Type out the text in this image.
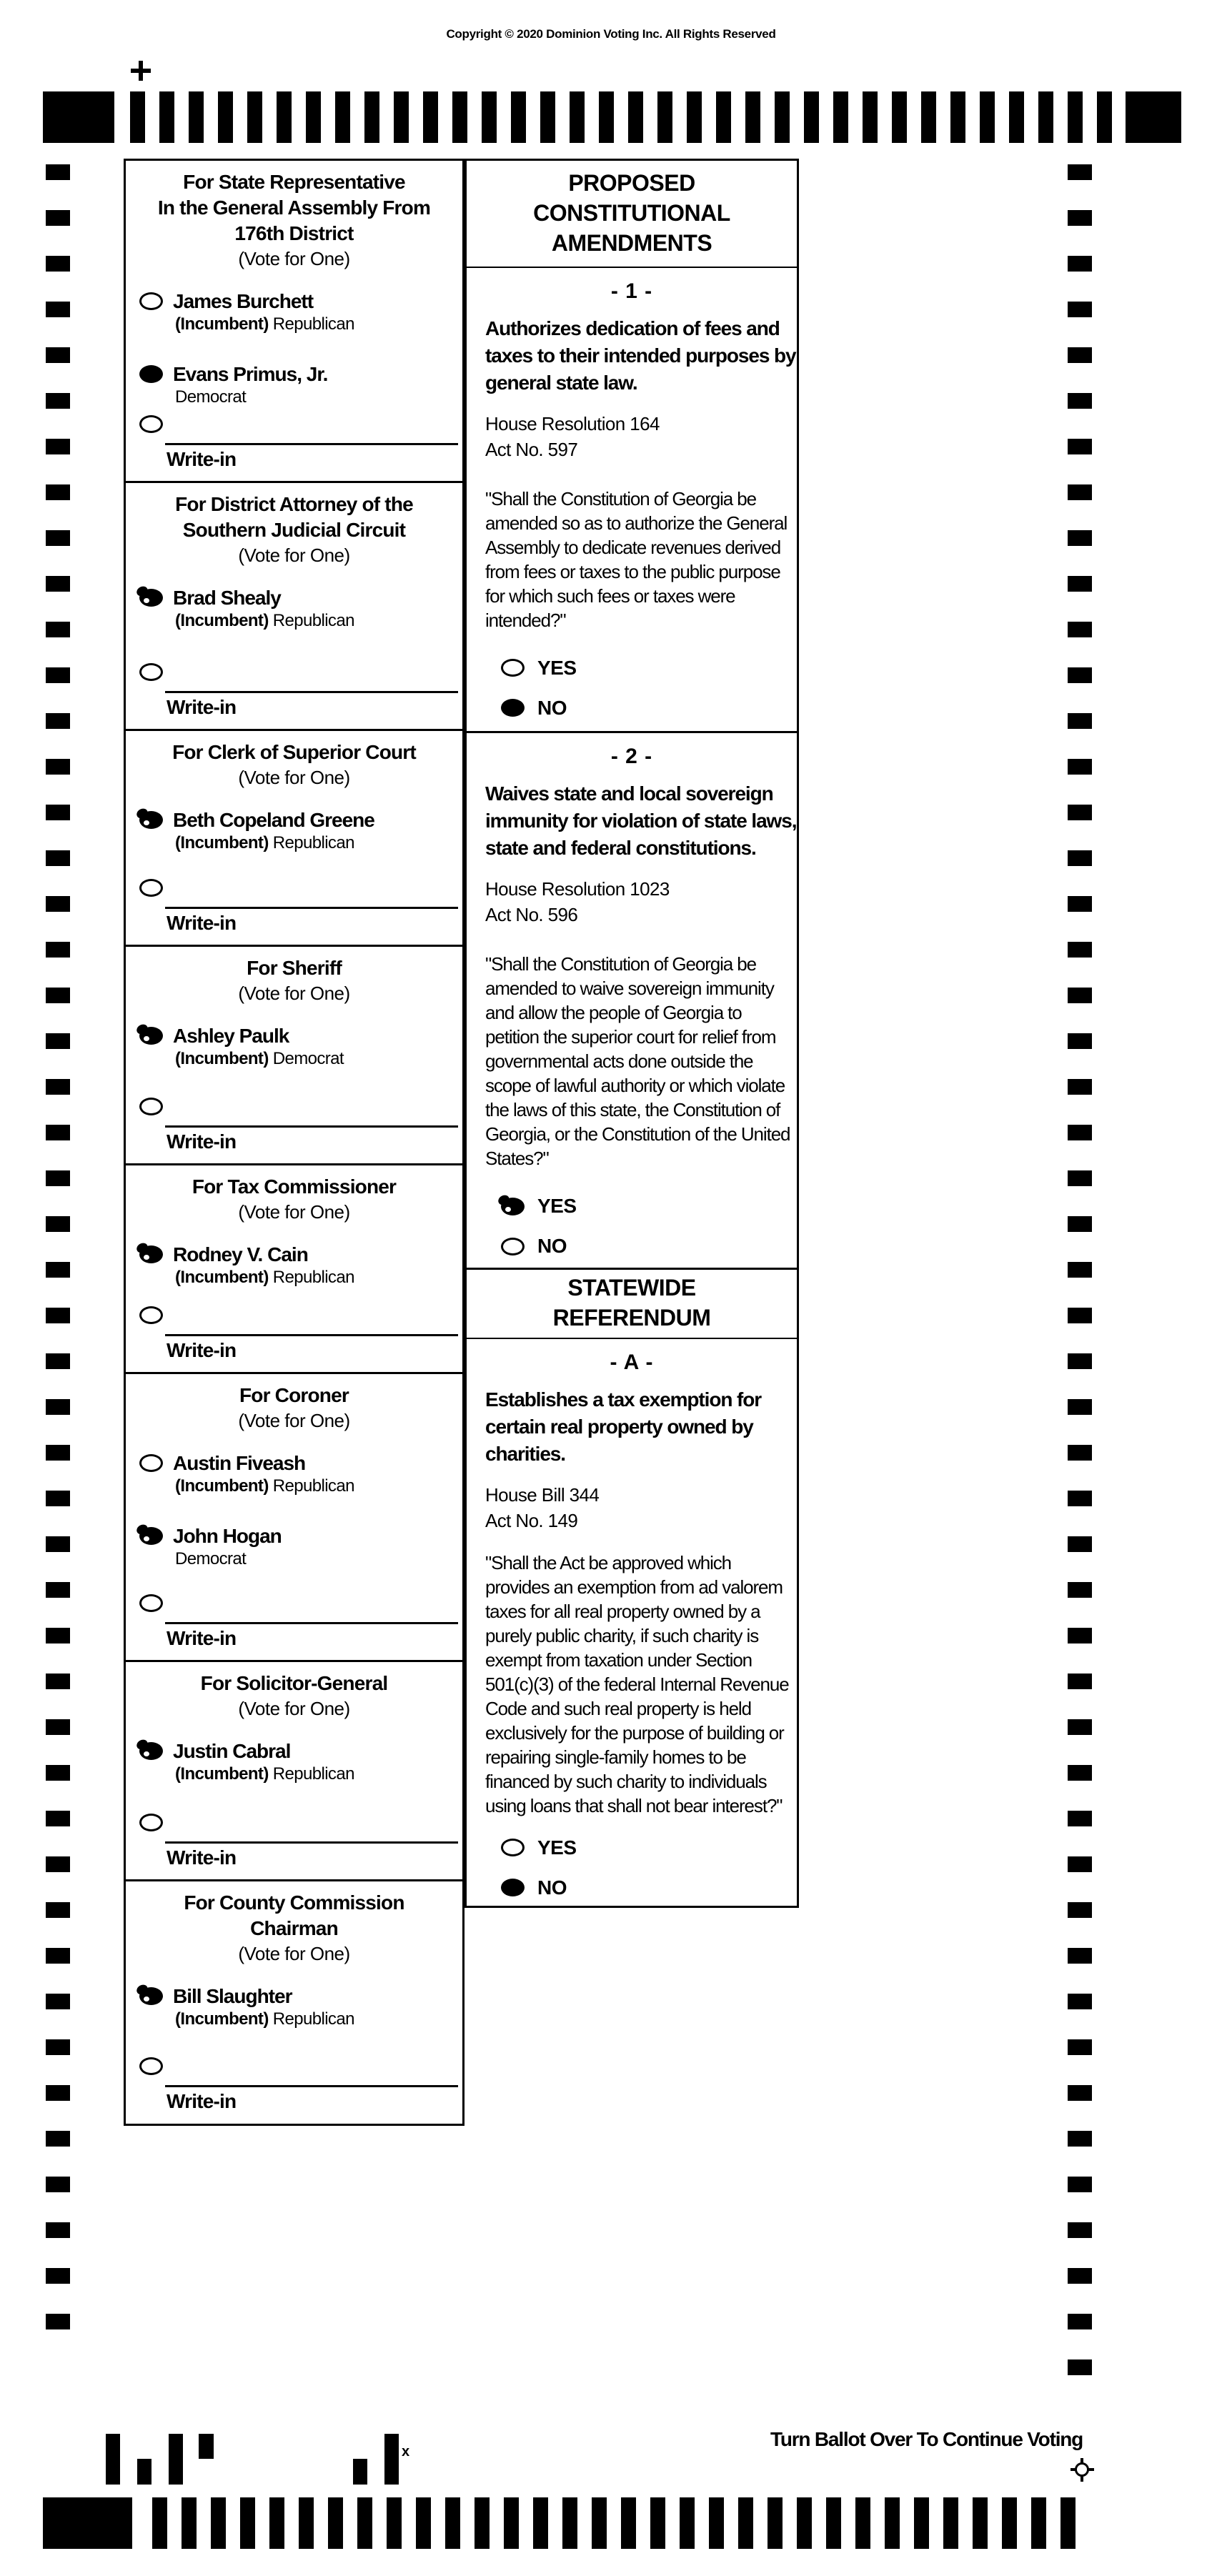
Copyright © 2020 Dominion Voting Inc. All Rights Reserved
For State Representative
In the General Assembly From
176th District
(Vote for One)
James Burchett
(Incumbent) Republican
Evans Primus, Jr.
Democrat
Write-in
For District Attorney of the
Southern Judicial Circuit
(Vote for One)
Brad Shealy
(Incumbent) Republican
Write-in
For Clerk of Superior Court
(Vote for One)
Beth Copeland Greene
(Incumbent) Republican
Write-in
For Sheriff
(Vote for One)
Ashley Paulk
(Incumbent) Democrat
Write-in
For Tax Commissioner
(Vote for One)
Rodney V. Cain
(Incumbent) Republican
Write-in
For Coroner
(Vote for One)
Austin Fiveash
(Incumbent) Republican
John Hogan
Democrat
Write-in
For Solicitor-General
(Vote for One)
Justin Cabral
(Incumbent) Republican
Write-in
For County Commission
Chairman
(Vote for One)
Bill Slaughter
(Incumbent) Republican
Write-in
PROPOSED
CONSTITUTIONAL
AMENDMENTS
- 1 -
Authorizes dedication of fees and
taxes to their intended purposes by
general state law.
House Resolution 164
Act No. 597
"Shall the Constitution of Georgia be
amended so as to authorize the General
Assembly to dedicate revenues derived
from fees or taxes to the public purpose
for which such fees or taxes were
intended?"
YES
NO
- 2 -
Waives state and local sovereign
immunity for violation of state laws,
state and federal constitutions.
House Resolution 1023
Act No. 596
"Shall the Constitution of Georgia be
amended to waive sovereign immunity
and allow the people of Georgia to
petition the superior court for relief from
governmental acts done outside the
scope of lawful authority or which violate
the laws of this state, the Constitution of
Georgia, or the Constitution of the United
States?"
YES
NO
STATEWIDE
REFERENDUM
- A -
Establishes a tax exemption for
certain real property owned by
charities.
House Bill 344
Act No. 149
"Shall the Act be approved which
provides an exemption from ad valorem
taxes for all real property owned by a
purely public charity, if such charity is
exempt from taxation under Section
501(c)(3) of the federal Internal Revenue
Code and such real property is held
exclusively for the purpose of building or
repairing single-family homes to be
financed by such charity to individuals
using loans that shall not bear interest?"
YES
NO
x
Turn Ballot Over To Continue Voting
